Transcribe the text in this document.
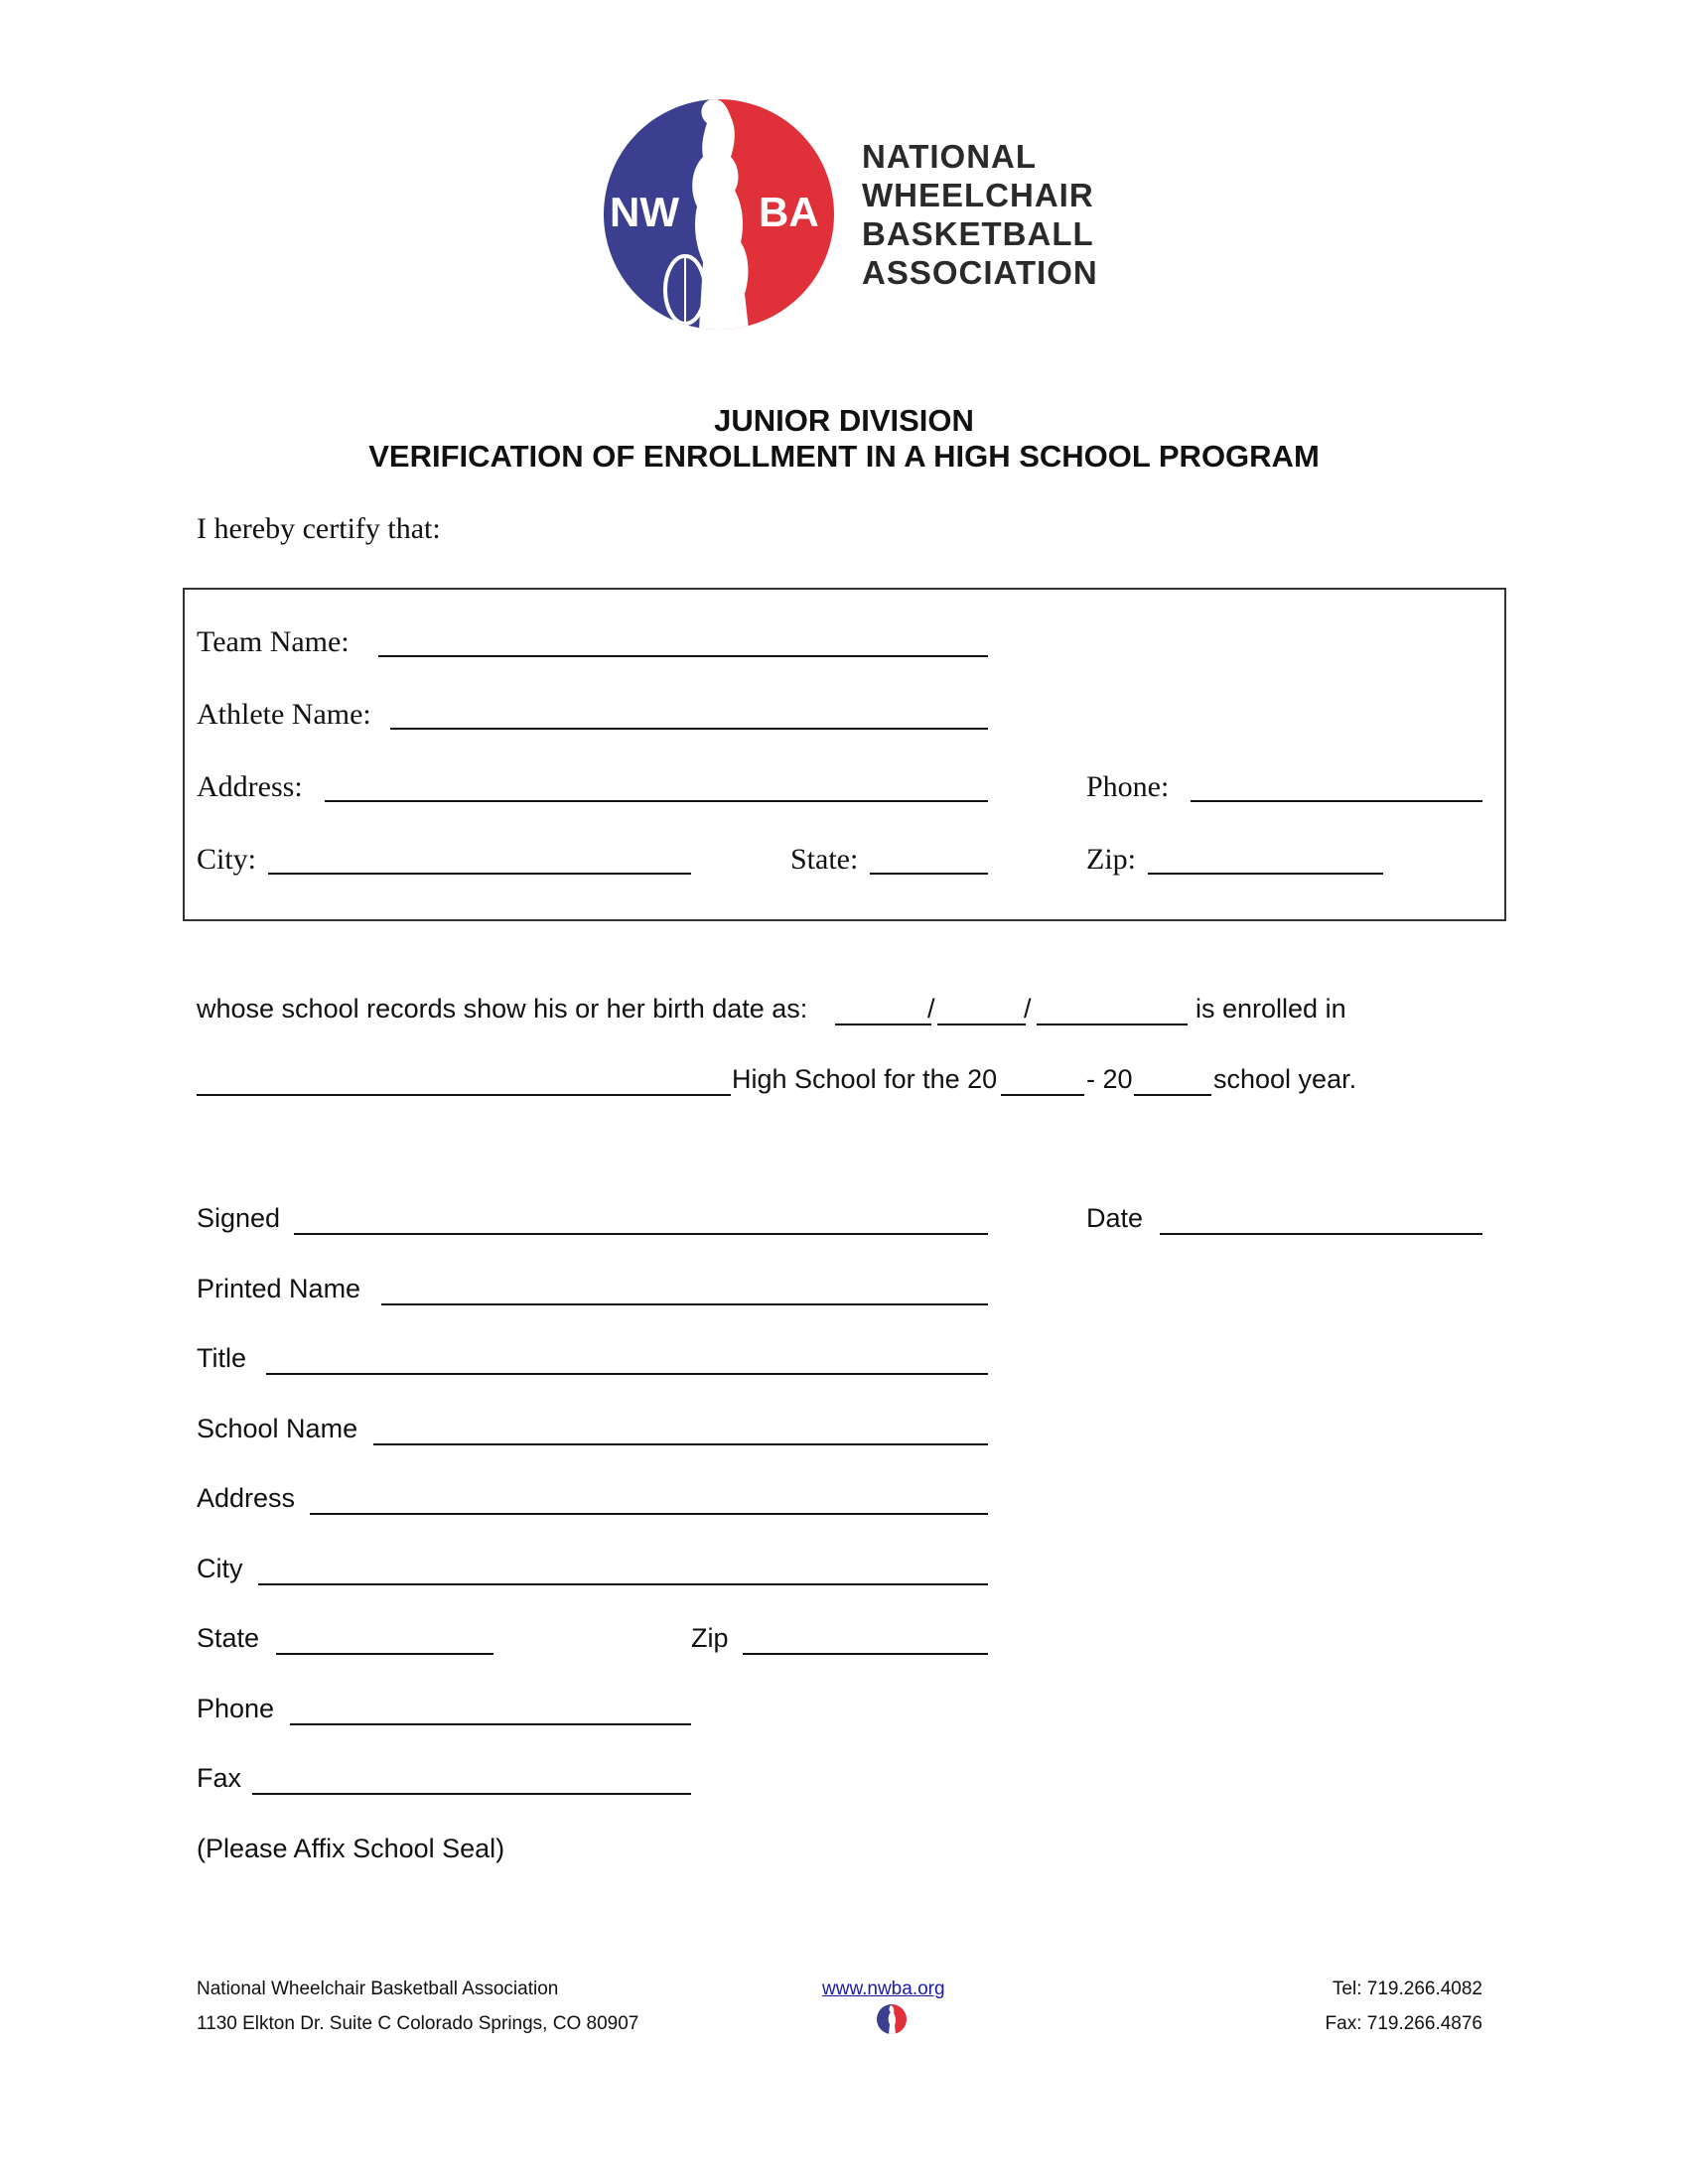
NW BA
NATIONAL
WHEELCHAIR
BASKETBALL
ASSOCIATION
JUNIOR DIVISION
VERIFICATION OF ENROLLMENT IN A HIGH SCHOOL PROGRAM
I hereby certify that:
Team Name:
Athlete Name:
Address:	Phone:
City:	State:	Zip:
whose school records show his or her birth date as:	/	/	is enrolled in
High School for the 20	- 20	school year.
Signed	Date
Printed Name
Title
School Name
Address
City
State	Zip
Phone
Fax
(Please Affix School Seal)
National Wheelchair Basketball Association
1130 Elkton Dr. Suite C Colorado Springs, CO 80907
www.nwba.org	Tel: 719.266.4082
Fax: 719.266.4876
